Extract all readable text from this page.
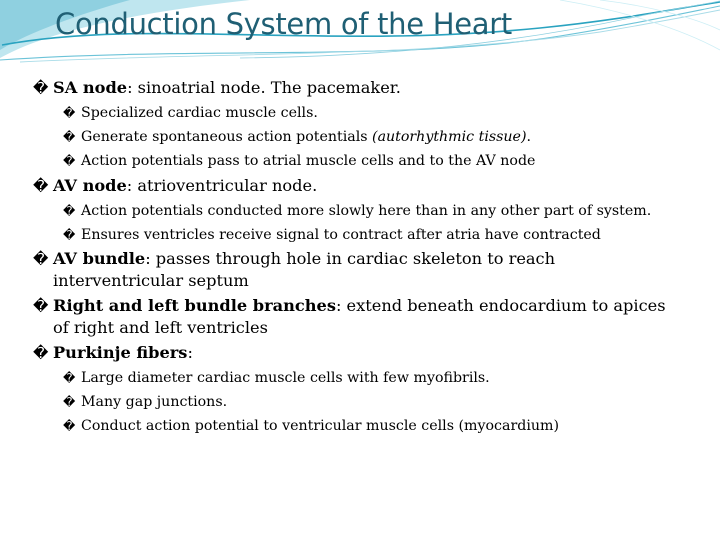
Conduction System of the Heart
� SA node: sinoatrial node. The pacemaker.
� Specialized cardiac muscle cells.
� Generate spontaneous action potentials (autorhythmic tissue).
� Action potentials pass to atrial muscle cells and to the AV node
� AV node: atrioventricular node.
� Action potentials conducted more slowly here than in any other part of system.
� Ensures ventricles receive signal to contract after atria have contracted
� AV bundle: passes through hole in cardiac skeleton to reach interventricular septum
� Right and left bundle branches: extend beneath endocardium to apices of right and left ventricles
� Purkinje fibers:
� Large diameter cardiac muscle cells with few myofibrils.
� Many gap junctions.
� Conduct action potential to ventricular muscle cells (myocardium)
